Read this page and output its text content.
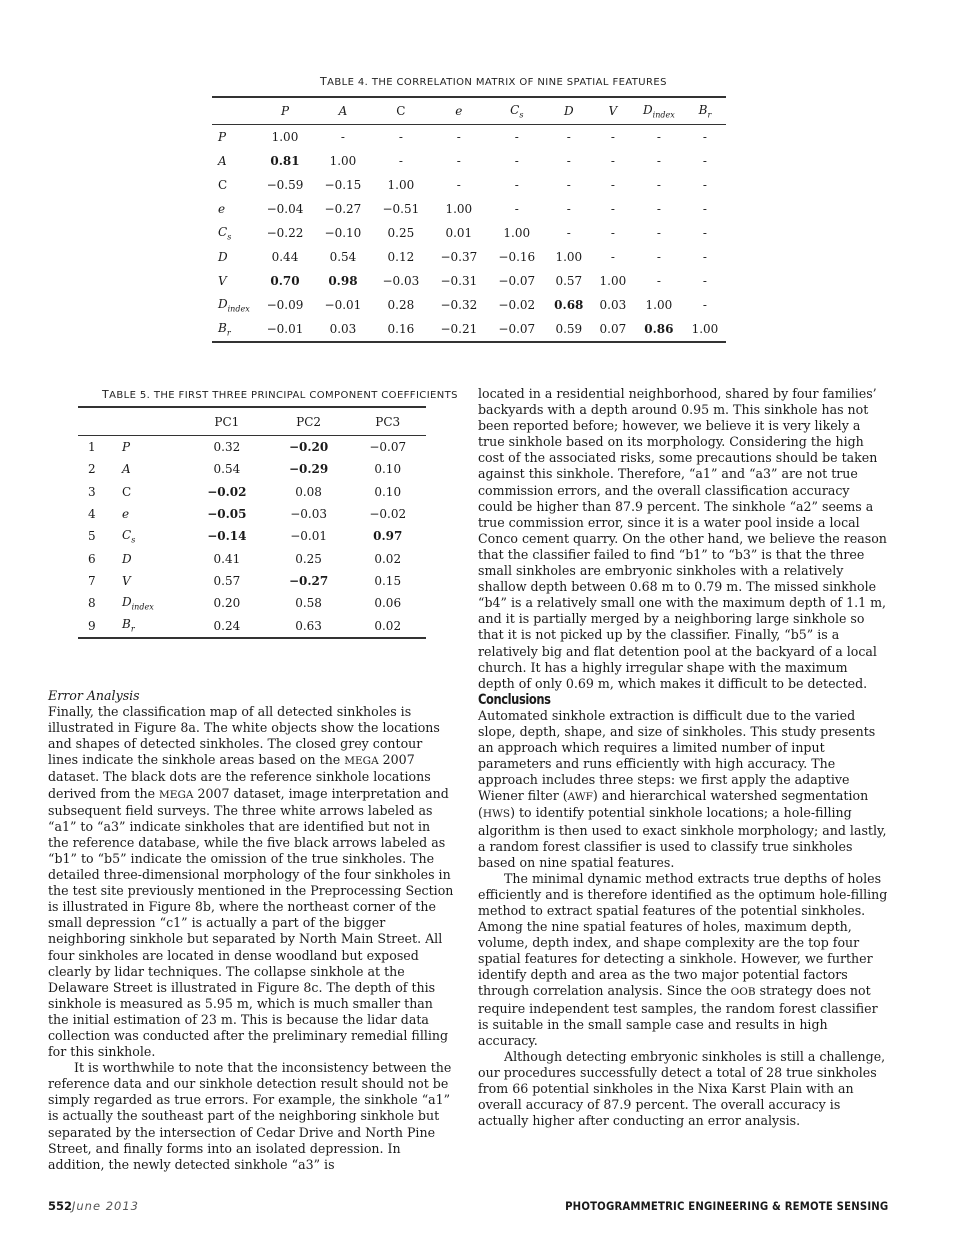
TABLE 4. THE CORRELATION MATRIX OF NINE SPATIAL FEATURES
	P	A	C	e	$C_s$	D	V	$D_{index}$	$B_r$
P	1.00	-	-	-	-	-	-	-	-
A	0.81	1.00	-	-	-	-	-	-	-
C	−0.59	−0.15	1.00	-	-	-	-	-	-
e	−0.04	−0.27	−0.51	1.00	-	-	-	-	-
$C_s$	−0.22	−0.10	0.25	0.01	1.00	-	-	-	-
D	0.44	0.54	0.12	−0.37	−0.16	1.00	-	-	-
V	0.70	0.98	−0.03	−0.31	−0.07	0.57	1.00	-	-
$D_{index}$	−0.09	−0.01	0.28	−0.32	−0.02	0.68	0.03	1.00	-
$B_r$	−0.01	0.03	0.16	−0.21	−0.07	0.59	0.07	0.86	1.00
TABLE 5. THE FIRST THREE PRINCIPAL COMPONENT COEFFICIENTS
		PC1	PC2	PC3
1	P	0.32	−0.20	−0.07
2	A	0.54	−0.29	0.10
3	C	−0.02	0.08	0.10
4	e	−0.05	−0.03	−0.02
5	$C_s$	−0.14	−0.01	0.97
6	D	0.41	0.25	0.02
7	V	0.57	−0.27	0.15
8	$D_{index}$	0.20	0.58	0.06
9	$B_r$	0.24	0.63	0.02

Error Analysis

Finally, the classification map of all detected sinkholes is illustrated in Figure 8a. The white objects show the locations and shapes of detected sinkholes. The closed grey contour lines indicate the sinkhole areas based on the MEGA 2007 dataset. The black dots are the reference sinkhole locations derived from the MEGA 2007 dataset, image interpretation and subsequent field surveys. The three white arrows labeled as “a1” to “a3” indicate sinkholes that are identified but not in the reference database, while the five black arrows labeled as “b1” to “b5” indicate the omission of the true sinkholes. The detailed three-dimensional morphology of the four sinkholes in the test site previously mentioned in the Preprocessing Section is illustrated in Figure 8b, where the northeast corner of the small depression “c1” is actually a part of the bigger neighboring sinkhole but separated by North Main Street. All four sinkholes are located in dense woodland but exposed clearly by lidar techniques. The collapse sinkhole at the Delaware Street is illustrated in Figure 8c. The depth of this sinkhole is measured as 5.95 m, which is much smaller than the initial estimation of 23 m. This is because the lidar data collection was conducted after the preliminary remedial filling for this sinkhole.

It is worthwhile to note that the inconsistency between the reference data and our sinkhole detection result should not be simply regarded as true errors. For example, the sinkhole “a1” is actually the southeast part of the neighboring sinkhole but separated by the intersection of Cedar Drive and North Pine Street, and finally forms into an isolated depression. In addition, the newly detected sinkhole “a3” is

located in a residential neighborhood, shared by four families’ backyards with a depth around 0.95 m. This sinkhole has not been reported before; however, we believe it is very likely a true sinkhole based on its morphology. Considering the high cost of the associated risks, some precautions should be taken against this sinkhole. Therefore, “a1” and “a3” are not true commission errors, and the overall classification accuracy could be higher than 87.9 percent. The sinkhole “a2” seems a true commission error, since it is a water pool inside a local Conco cement quarry. On the other hand, we believe the reason that the classifier failed to find “b1” to “b3” is that the three small sinkholes are embryonic sinkholes with a relatively shallow depth between 0.68 m to 0.79 m. The missed sinkhole “b4” is a relatively small one with the maximum depth of 1.1 m, and it is partially merged by a neighboring large sinkhole so that it is not picked up by the classifier. Finally, “b5” is a relatively big and flat detention pool at the backyard of a local church. It has a highly irregular shape with the maximum depth of only 0.69 m, which makes it difficult to be detected.

Conclusions

Automated sinkhole extraction is difficult due to the varied slope, depth, shape, and size of sinkholes. This study presents an approach which requires a limited number of input parameters and runs efficiently with high accuracy. The approach includes three steps: we first apply the adaptive Wiener filter (AWF) and hierarchical watershed segmentation (HWS) to identify potential sinkhole locations; a hole-filling algorithm is then used to exact sinkhole morphology; and lastly, a random forest classifier is used to classify true sinkholes based on nine spatial features.

The minimal dynamic method extracts true depths of holes efficiently and is therefore identified as the optimum hole-filling method to extract spatial features of the potential sinkholes. Among the nine spatial features of holes, maximum depth, volume, depth index, and shape complexity are the top four spatial features for detecting a sinkhole. However, we further identify depth and area as the two major potential factors through correlation analysis. Since the OOB strategy does not require independent test samples, the random forest classifier is suitable in the small sample case and results in high accuracy.

Although detecting embryonic sinkholes is still a challenge, our procedures successfully detect a total of 28 true sinkholes from 66 potential sinkholes in the Nixa Karst Plain with an overall accuracy of 87.9 percent. The overall accuracy is actually higher after conducting an error analysis.

552 June 2013	PHOTOGRAMMETRIC ENGINEERING & REMOTE SENSING
